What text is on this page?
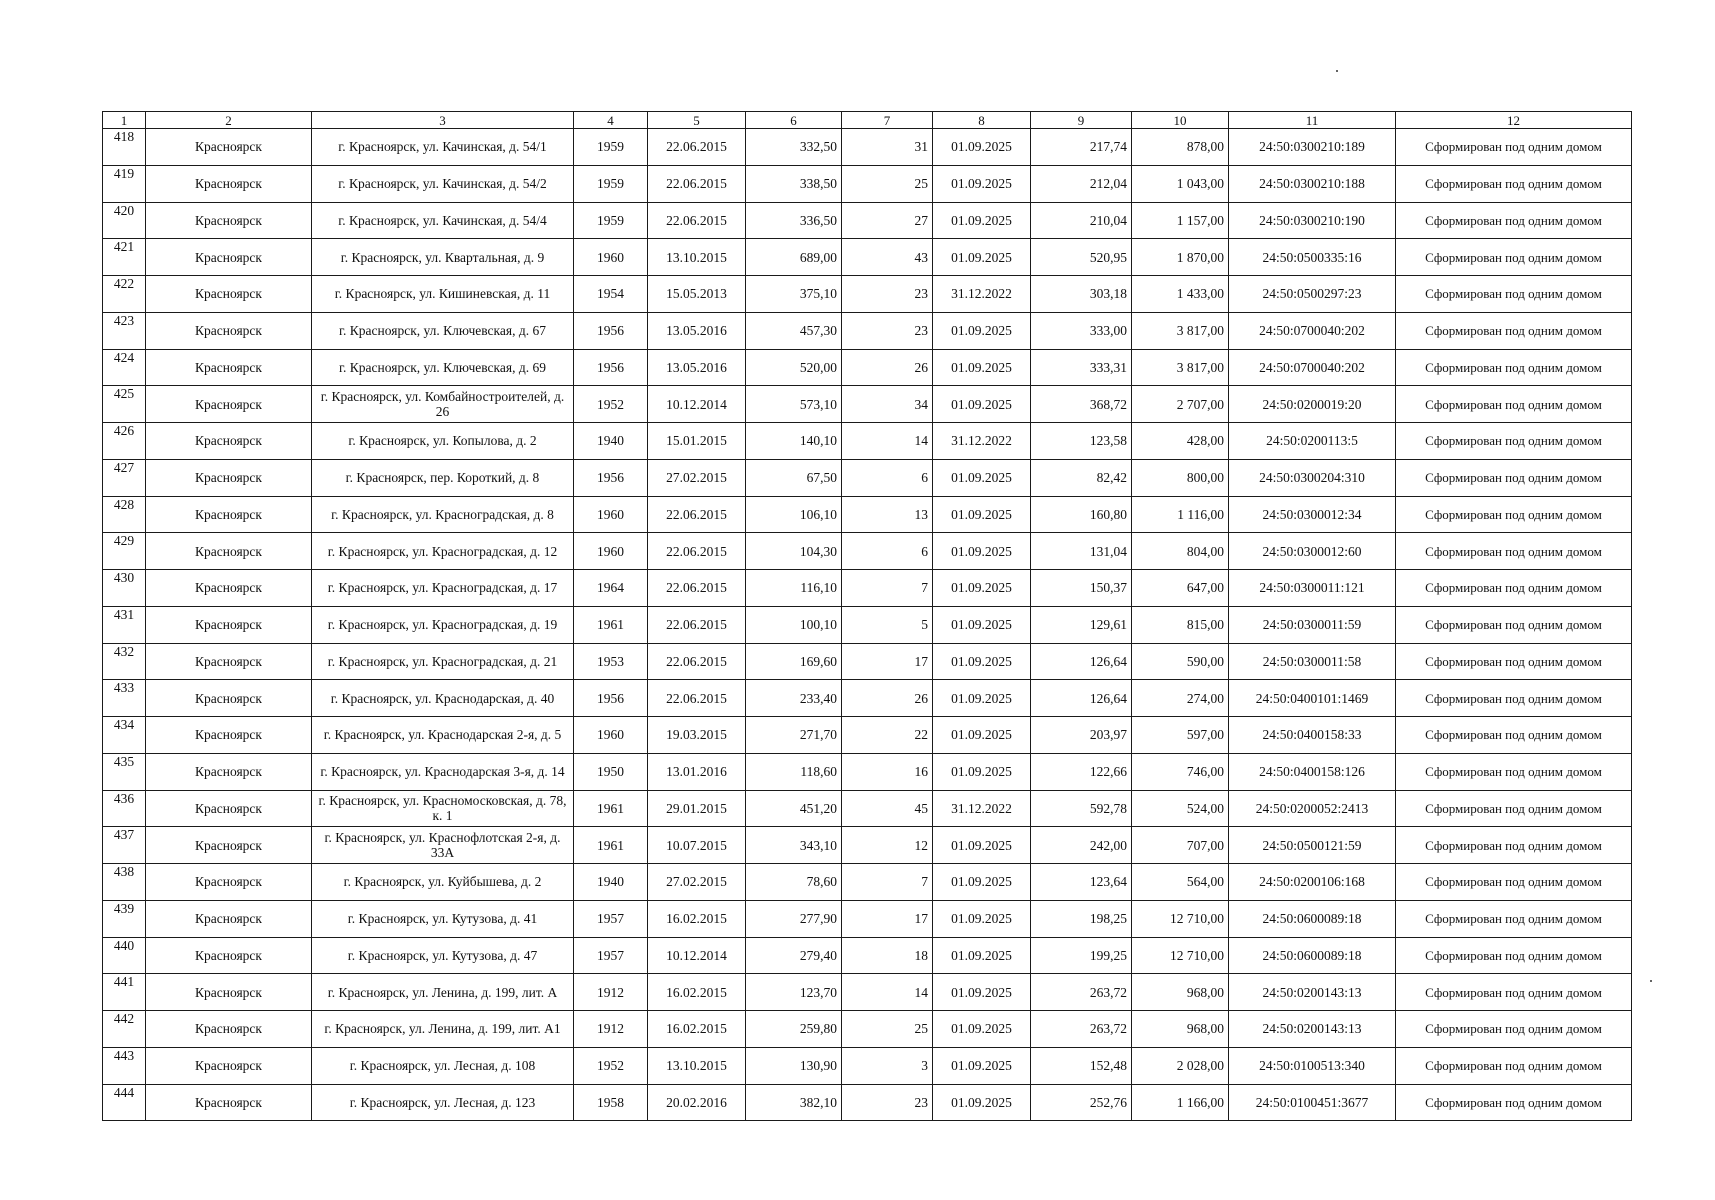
1	2	3	4	5	6	7	8	9	10	11	12
418	Красноярск	г. Красноярск, ул. Качинская, д. 54/1	1959	22.06.2015	332,50	31	01.09.2025	217,74	878,00	24:50:0300210:189	Сформирован под одним домом
419	Красноярск	г. Красноярск, ул. Качинская, д. 54/2	1959	22.06.2015	338,50	25	01.09.2025	212,04	1 043,00	24:50:0300210:188	Сформирован под одним домом
420	Красноярск	г. Красноярск, ул. Качинская, д. 54/4	1959	22.06.2015	336,50	27	01.09.2025	210,04	1 157,00	24:50:0300210:190	Сформирован под одним домом
421	Красноярск	г. Красноярск, ул. Квартальная, д. 9	1960	13.10.2015	689,00	43	01.09.2025	520,95	1 870,00	24:50:0500335:16	Сформирован под одним домом
422	Красноярск	г. Красноярск, ул. Кишиневская, д. 11	1954	15.05.2013	375,10	23	31.12.2022	303,18	1 433,00	24:50:0500297:23	Сформирован под одним домом
423	Красноярск	г. Красноярск, ул. Ключевская, д. 67	1956	13.05.2016	457,30	23	01.09.2025	333,00	3 817,00	24:50:0700040:202	Сформирован под одним домом
424	Красноярск	г. Красноярск, ул. Ключевская, д. 69	1956	13.05.2016	520,00	26	01.09.2025	333,31	3 817,00	24:50:0700040:202	Сформирован под одним домом
425	Красноярск	г. Красноярск, ул. Комбайностроителей, д. 26	1952	10.12.2014	573,10	34	01.09.2025	368,72	2 707,00	24:50:0200019:20	Сформирован под одним домом
426	Красноярск	г. Красноярск, ул. Копылова, д. 2	1940	15.01.2015	140,10	14	31.12.2022	123,58	428,00	24:50:0200113:5	Сформирован под одним домом
427	Красноярск	г. Красноярск, пер. Короткий, д. 8	1956	27.02.2015	67,50	6	01.09.2025	82,42	800,00	24:50:0300204:310	Сформирован под одним домом
428	Красноярск	г. Красноярск, ул. Красноградская, д. 8	1960	22.06.2015	106,10	13	01.09.2025	160,80	1 116,00	24:50:0300012:34	Сформирован под одним домом
429	Красноярск	г. Красноярск, ул. Красноградская, д. 12	1960	22.06.2015	104,30	6	01.09.2025	131,04	804,00	24:50:0300012:60	Сформирован под одним домом
430	Красноярск	г. Красноярск, ул. Красноградская, д. 17	1964	22.06.2015	116,10	7	01.09.2025	150,37	647,00	24:50:0300011:121	Сформирован под одним домом
431	Красноярск	г. Красноярск, ул. Красноградская, д. 19	1961	22.06.2015	100,10	5	01.09.2025	129,61	815,00	24:50:0300011:59	Сформирован под одним домом
432	Красноярск	г. Красноярск, ул. Красноградская, д. 21	1953	22.06.2015	169,60	17	01.09.2025	126,64	590,00	24:50:0300011:58	Сформирован под одним домом
433	Красноярск	г. Красноярск, ул. Краснодарская, д. 40	1956	22.06.2015	233,40	26	01.09.2025	126,64	274,00	24:50:0400101:1469	Сформирован под одним домом
434	Красноярск	г. Красноярск, ул. Краснодарская 2-я, д. 5	1960	19.03.2015	271,70	22	01.09.2025	203,97	597,00	24:50:0400158:33	Сформирован под одним домом
435	Красноярск	г. Красноярск, ул. Краснодарская 3-я, д. 14	1950	13.01.2016	118,60	16	01.09.2025	122,66	746,00	24:50:0400158:126	Сформирован под одним домом
436	Красноярск	г. Красноярск, ул. Красномосковская, д. 78, к. 1	1961	29.01.2015	451,20	45	31.12.2022	592,78	524,00	24:50:0200052:2413	Сформирован под одним домом
437	Красноярск	г. Красноярск, ул. Краснофлотская 2-я, д. 33А	1961	10.07.2015	343,10	12	01.09.2025	242,00	707,00	24:50:0500121:59	Сформирован под одним домом
438	Красноярск	г. Красноярск, ул. Куйбышева, д. 2	1940	27.02.2015	78,60	7	01.09.2025	123,64	564,00	24:50:0200106:168	Сформирован под одним домом
439	Красноярск	г. Красноярск, ул. Кутузова, д. 41	1957	16.02.2015	277,90	17	01.09.2025	198,25	12 710,00	24:50:0600089:18	Сформирован под одним домом
440	Красноярск	г. Красноярск, ул. Кутузова, д. 47	1957	10.12.2014	279,40	18	01.09.2025	199,25	12 710,00	24:50:0600089:18	Сформирован под одним домом
441	Красноярск	г. Красноярск, ул. Ленина, д. 199, лит. А	1912	16.02.2015	123,70	14	01.09.2025	263,72	968,00	24:50:0200143:13	Сформирован под одним домом
442	Красноярск	г. Красноярск, ул. Ленина, д. 199, лит. А1	1912	16.02.2015	259,80	25	01.09.2025	263,72	968,00	24:50:0200143:13	Сформирован под одним домом
443	Красноярск	г. Красноярск, ул. Лесная, д. 108	1952	13.10.2015	130,90	3	01.09.2025	152,48	2 028,00	24:50:0100513:340	Сформирован под одним домом
444	Красноярск	г. Красноярск, ул. Лесная, д. 123	1958	20.02.2016	382,10	23	01.09.2025	252,76	1 166,00	24:50:0100451:3677	Сформирован под одним домом
